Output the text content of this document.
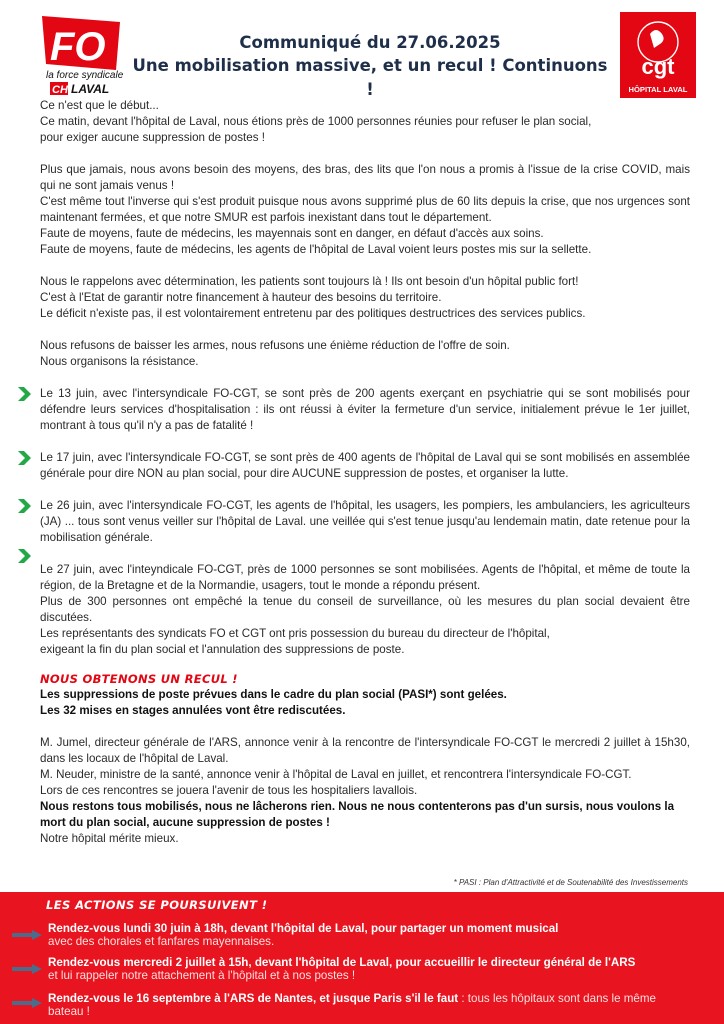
FO
la force syndicale
CH LAVAL
Communiqué du 27.06.2025
Une mobilisation massive, et un recul ! Continuons !
cgt
HÔPITAL LAVAL

Ce n'est que le début...

Ce matin, devant l'hôpital de Laval, nous étions près de 1000 personnes réunies pour refuser le plan social,

pour exiger aucune suppression de postes !

Plus que jamais, nous avons besoin des moyens, des bras, des lits que l'on nous a promis à l'issue de la crise COVID, mais qui ne sont jamais venus !

C'est même tout l'inverse qui s'est produit puisque nous avons supprimé plus de 60 lits depuis la crise, que nos urgences sont maintenant fermées, et que notre SMUR est parfois inexistant dans tout le département.

Faute de moyens, faute de médecins, les mayennais sont en danger, en défaut d'accès aux soins.

Faute de moyens, faute de médecins, les agents de l'hôpital de Laval voient leurs postes mis sur la sellette.

Nous le rappelons avec détermination, les patients sont toujours là ! Ils ont besoin d'un hôpital public fort!

C'est à l'Etat de garantir notre financement à hauteur des besoins du territoire.

Le déficit n'existe pas, il est volontairement entretenu par des politiques destructrices des services publics.

Nous refusons de baisser les armes, nous refusons une énième réduction de l'offre de soin.

Nous organisons la résistance.

Le 13 juin, avec l'intersyndicale FO-CGT, se sont près de 200 agents exerçant en psychiatrie qui se sont mobilisés pour défendre leurs services d'hospitalisation : ils ont réussi à éviter la fermeture d'un service, initialement prévue le 1er juillet, montrant à tous qu'il n'y a pas de fatalité !

Le 17 juin, avec l'intersyndicale FO-CGT, se sont près de 400 agents de l'hôpital de Laval qui se sont mobilisés en assemblée générale pour dire NON au plan social, pour dire AUCUNE suppression de postes, et organiser la lutte.

Le 26 juin, avec l'intersyndicale FO-CGT, les agents de l'hôpital, les usagers, les pompiers, les ambulanciers, les agriculteurs (JA) ... tous sont venus veiller sur l'hôpital de Laval. une veillée qui s'est tenue jusqu'au lendemain matin, date retenue pour la mobilisation générale.

Le 27 juin, avec l'inteyndicale FO-CGT, près de 1000 personnes se sont mobilisées. Agents de l'hôpital, et même de toute la région, de la Bretagne et de la Normandie, usagers, tout le monde a répondu présent.

Plus de 300 personnes ont empêché la tenue du conseil de surveillance, où les mesures du plan social devaient être discutées.

Les représentants des syndicats FO et CGT ont pris possession du bureau du directeur de l'hôpital,

exigeant la fin du plan social et l'annulation des suppressions de poste.

NOUS OBTENONS UN RECUL !

Les suppressions de poste prévues dans le cadre du plan social (PASI*) sont gelées.

Les 32 mises en stages annulées vont être rediscutées.

M. Jumel, directeur générale de l'ARS, annonce venir à la rencontre de l'intersyndicale FO-CGT le mercredi 2 juillet à 15h30, dans les locaux de l'hôpital de Laval.

M. Neuder, ministre de la santé, annonce venir à l'hôpital de Laval en juillet, et rencontrera l'intersyndicale FO-CGT.

Lors de ces rencontres se jouera l'avenir de tous les hospitaliers lavallois.

Nous restons tous mobilisés, nous ne lâcherons rien. Nous ne nous contenterons pas d'un sursis, nous voulons la mort du plan social, aucune suppression de postes !

Notre hôpital mérite mieux.

* PASI : Plan d'Attractivité et de Soutenabilité des Investissements
LES ACTIONS SE POURSUIVENT !
Rendez-vous lundi 30 juin à 18h, devant l'hôpital de Laval, pour partager un moment musical
avec des chorales et fanfares mayennaises.
Rendez-vous mercredi 2 juillet à 15h, devant l'hôpital de Laval, pour accueillir le directeur général de l'ARS
et lui rappeler notre attachement à l'hôpital et à nos postes !
Rendez-vous le 16 septembre à l'ARS de Nantes, et jusque Paris s'il le faut : tous les hôpitaux sont dans le même bateau !
